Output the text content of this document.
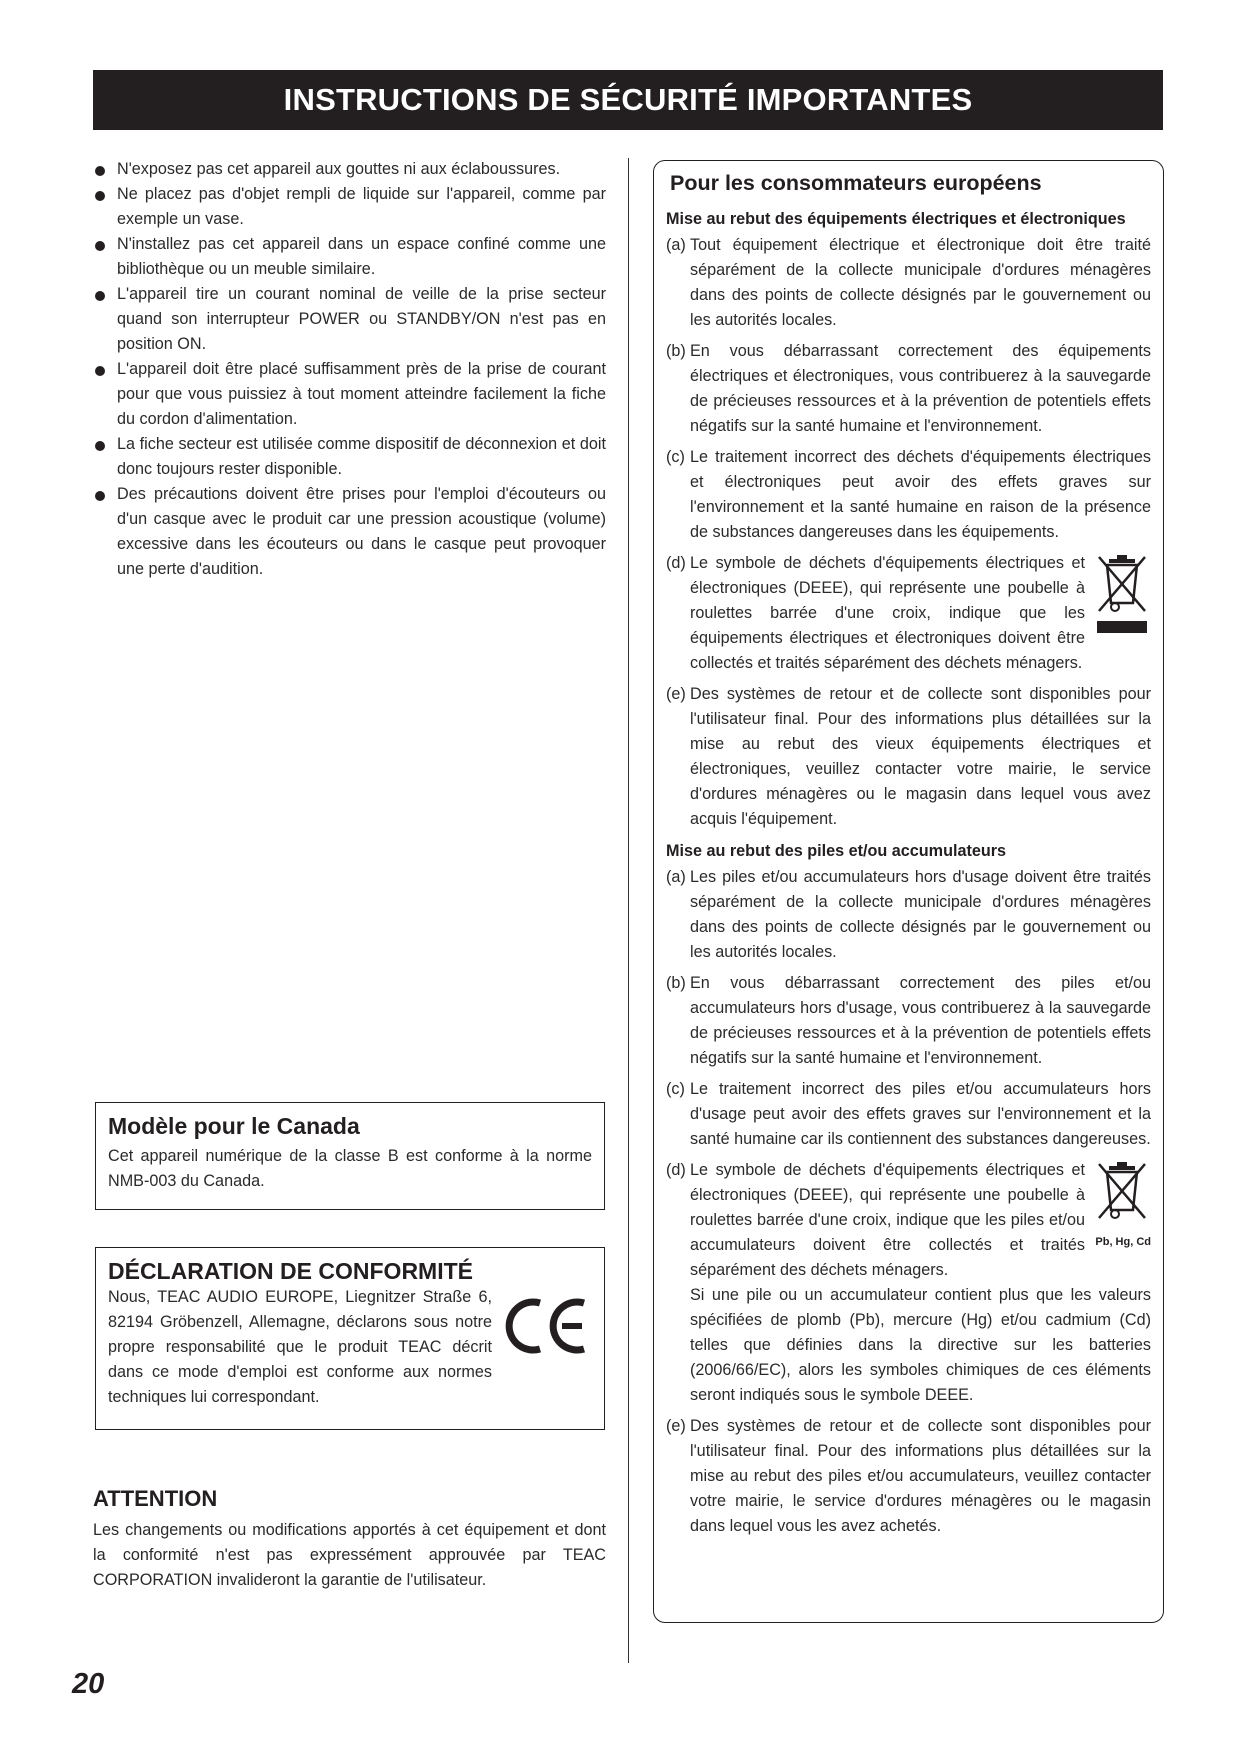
INSTRUCTIONS DE SÉCURITÉ IMPORTANTES
N'exposez pas cet appareil aux gouttes ni aux éclaboussures.
Ne placez pas d'objet rempli de liquide sur l'appareil, comme par exemple un vase.
N'installez pas cet appareil dans un espace confiné comme une bibliothèque ou un meuble similaire.
L'appareil tire un courant nominal de veille de la prise secteur quand son interrupteur POWER ou STANDBY/ON n'est pas en position ON.
L'appareil doit être placé suffisamment près de la prise de courant pour que vous puissiez à tout moment atteindre facilement la fiche du cordon d'alimentation.
La fiche secteur est utilisée comme dispositif de déconnexion et doit donc toujours rester disponible.
Des précautions doivent être prises pour l'emploi d'écouteurs ou d'un casque avec le produit car une pression acoustique (volume) excessive dans les écouteurs ou dans le casque peut provoquer une perte d'audition.
Modèle pour le Canada

Cet appareil numérique de la classe B est conforme à la norme NMB-003 du Canada.

DÉCLARATION DE CONFORMITÉ

Nous, TEAC AUDIO EUROPE, Liegnitzer Straße 6, 82194 Gröbenzell, Allemagne, déclarons sous notre propre responsabilité que le produit TEAC décrit dans ce mode d'emploi est conforme aux normes techniques lui correspondant.

ATTENTION

Les changements ou modifications apportés à cet équipement et dont la conformité n'est pas expressément approuvée par TEAC CORPORATION invalideront la garantie de l'utilisateur.

Pour les consommateurs européens
Mise au rebut des équipements électriques et électroniques
(a) Tout équipement électrique et électronique doit être traité séparément de la collecte municipale d'ordures ménagères dans des points de collecte désignés par le gouvernement ou les autorités locales.
(b) En vous débarrassant correctement des équipements électriques et électroniques, vous contribuerez à la sauvegarde de précieuses ressources et à la prévention de potentiels effets négatifs sur la santé humaine et l'environnement.
(c) Le traitement incorrect des déchets d'équipements électriques et électroniques peut avoir des effets graves sur l'environnement et la santé humaine en raison de la présence de substances dangereuses dans les équipements.
(d) Le symbole de déchets d'équipements électriques et électroniques (DEEE), qui représente une poubelle à roulettes barrée d'une croix, indique que les équipements électriques et électroniques doivent être collectés et traités séparément des déchets ménagers.
(e) Des systèmes de retour et de collecte sont disponibles pour l'utilisateur final. Pour des informations plus détaillées sur la mise au rebut des vieux équipements électriques et électroniques, veuillez contacter votre mairie, le service d'ordures ménagères ou le magasin dans lequel vous avez acquis l'équipement.
Mise au rebut des piles et/ou accumulateurs
(a) Les piles et/ou accumulateurs hors d'usage doivent être traités séparément de la collecte municipale d'ordures ménagères dans des points de collecte désignés par le gouvernement ou les autorités locales.
(b) En vous débarrassant correctement des piles et/ou accumulateurs hors d'usage, vous contribuerez à la sauvegarde de précieuses ressources et à la prévention de potentiels effets négatifs sur la santé humaine et l'environnement.
(c) Le traitement incorrect des piles et/ou accumulateurs hors d'usage peut avoir des effets graves sur l'environnement et la santé humaine car ils contiennent des substances dangereuses.
(d)
Pb, Hg, Cd
Le symbole de déchets d'équipements électriques et électroniques (DEEE), qui représente une poubelle à roulettes barrée d'une croix, indique que les piles et/ou accumulateurs doivent être collectés et traités séparément des déchets ménagers.
Si une pile ou un accumulateur contient plus que les valeurs spécifiées de plomb (Pb), mercure (Hg) et/ou cadmium (Cd) telles que définies dans la directive sur les batteries (2006/66/EC), alors les symboles chimiques de ces éléments seront indiqués sous le symbole DEEE.
(e) Des systèmes de retour et de collecte sont disponibles pour l'utilisateur final. Pour des informations plus détaillées sur la mise au rebut des piles et/ou accumulateurs, veuillez contacter votre mairie, le service d'ordures ménagères ou le magasin dans lequel vous les avez achetés.
20
